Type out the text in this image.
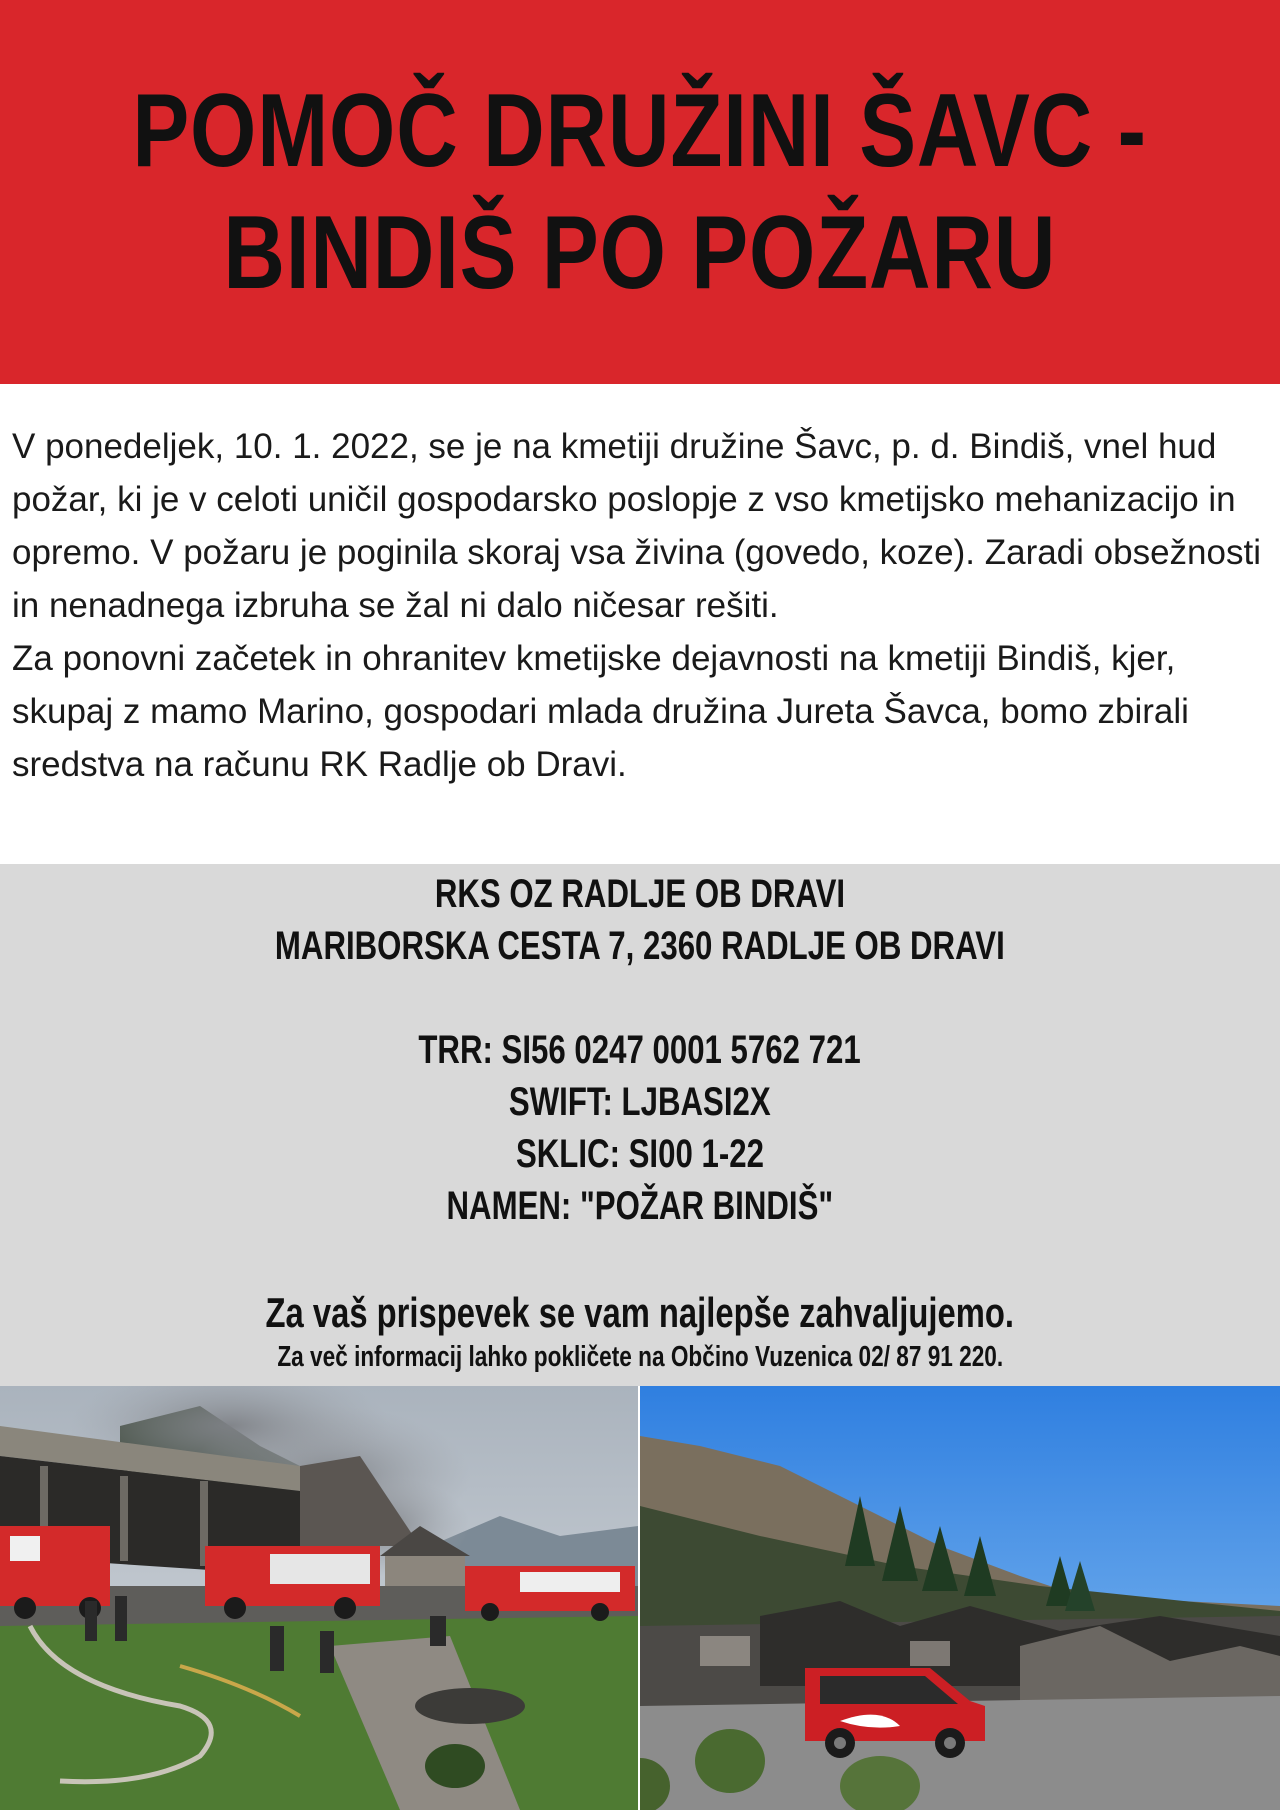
POMOČ DRUŽINI ŠAVC -
BINDIŠ PO POŽARU

V ponedeljek, 10. 1. 2022, se je na kmetiji družine Šavc, p. d. Bindiš, vnel hud požar, ki je v celoti uničil gospodarsko poslopje z vso kmetijsko mehanizacijo in opremo. V požaru je poginila skoraj vsa živina (govedo, koze). Zaradi obsežnosti in nenadnega izbruha se žal ni dalo ničesar rešiti.

Za ponovni začetek in ohranitev kmetijske dejavnosti na kmetiji Bindiš, kjer, skupaj z mamo Marino, gospodari mlada družina Jureta Šavca, bomo zbirali sredstva na računu RK Radlje ob Dravi.

RKS OZ RADLJE OB DRAVI
MARIBORSKA CESTA 7, 2360 RADLJE OB DRAVI
TRR: SI56 0247 0001 5762 721
SWIFT: LJBASI2X
SKLIC: SI00 1-22
NAMEN: "POŽAR BINDIŠ"
Za vaš prispevek se vam najlepše zahvaljujemo.
Za več informacij lahko pokličete na Občino Vuzenica 02/ 87 91 220.
